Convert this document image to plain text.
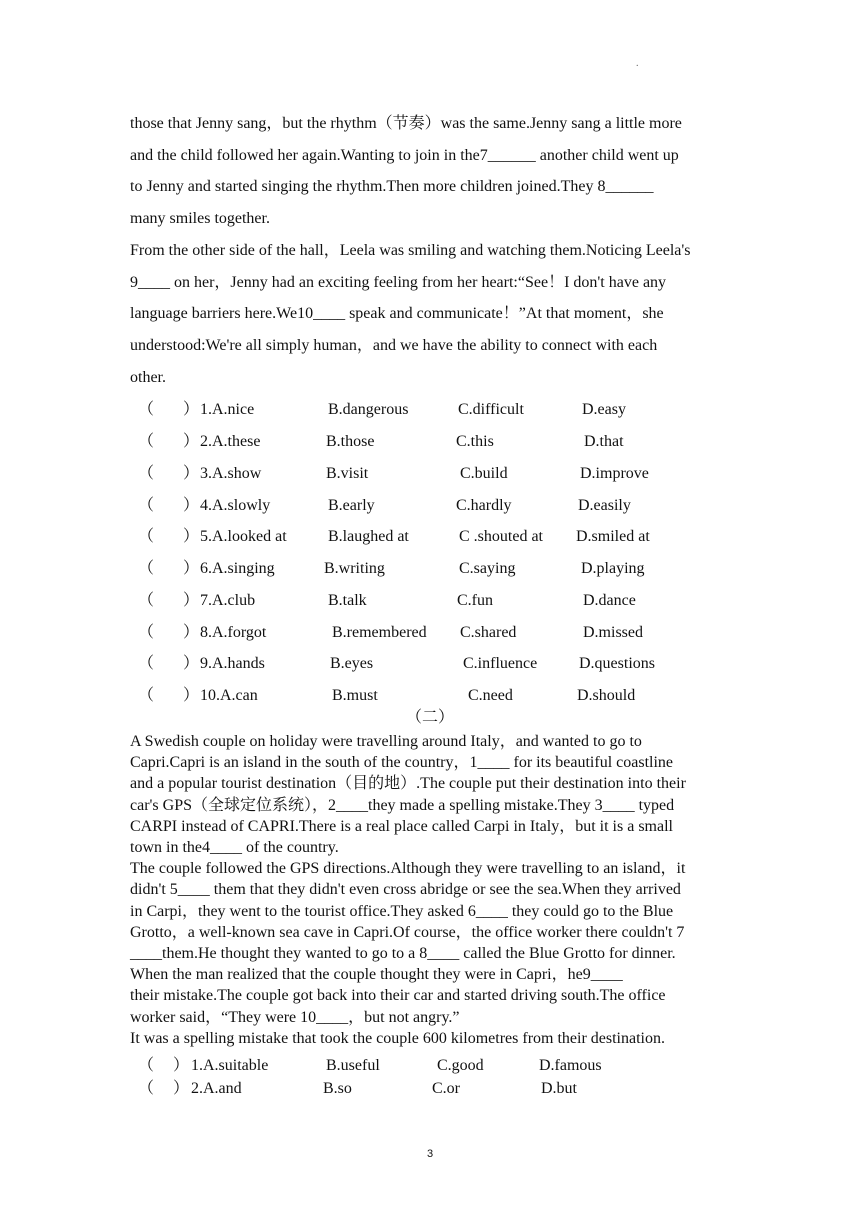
.

those that Jenny sang，but the rhythm（节奏）was the same.Jenny sang a little more

and the child followed her again.Wanting to join in the7______ another child went up

to Jenny and started singing the rhythm.Then more children joined.They 8______

many smiles together.

From the other side of the hall，Leela was smiling and watching them.Noticing Leela's

9____ on her，Jenny had an exciting feeling from her heart:“See！I don't have any

language barriers here.We10____ speak and communicate！”At that moment，she

understood:We're all simply human，and we have the ability to connect with each

other.

（ ） 1.A.nice	B.dangerous	C.difficult	D.easy
（ ） 2.A.these	B.those	C.this	D.that
（ ） 3.A.show	B.visit	C.build	D.improve
（ ） 4.A.slowly	B.early	C.hardly	D.easily
（ ） 5.A.looked at	B.laughed at	C .shouted at D.smiled at
（ ） 6.A.singing	B.writing	C.saying	D.playing
（ ） 7.A.club	B.talk	C.fun	D.dance
（ ） 8.A.forgot	B.remembered C.shared	D.missed
（ ） 9.A.hands	B.eyes	C.influence	D.questions
（ ） 10.A.can	B.must	C.need	D.should
（二）

A Swedish couple on holiday were travelling around Italy，and wanted to go to

Capri.Capri is an island in the south of the country，1____ for its beautiful coastline

and a popular tourist destination（目的地）.The couple put their destination into their

car's GPS（全球定位系统），2____they made a spelling mistake.They 3____ typed

CARPI instead of CAPRI.There is a real place called Carpi in Italy，but it is a small

town in the4____ of the country.

The couple followed the GPS directions.Although they were travelling to an island，it

didn't 5____ them that they didn't even cross abridge or see the sea.When they arrived

in Carpi，they went to the tourist office.They asked 6____ they could go to the Blue

Grotto，a well-known sea cave in Capri.Of course，the office worker there couldn't 7

____them.He thought they wanted to go to a 8____ called the Blue Grotto for dinner.

When the man realized that the couple thought they were in Capri，he9____

their mistake.The couple got back into their car and started driving south.The office

worker said，“They were 10____，but not angry.”

It was a spelling mistake that took the couple 600 kilometres from their destination.

（ ） 1.A.suitable	B.useful	C.good	D.famous
（ ） 2.A.and	B.so	C.or	D.but
3
